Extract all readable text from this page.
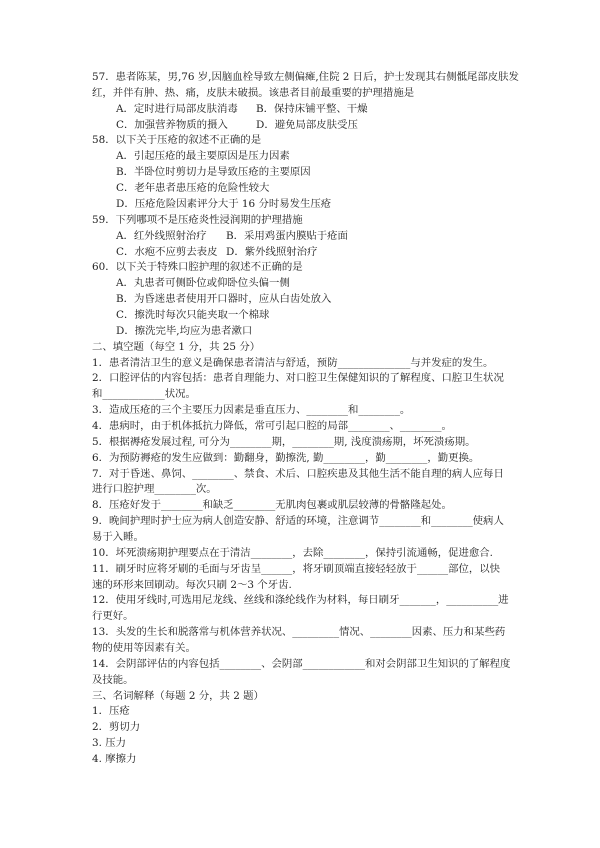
57．患者陈某，男,76 岁,因脑血栓导致左侧偏瘫,住院 2 日后，护士发现其右侧骶尾部皮肤发
红，并伴有肿、热、痛，皮肤未破损。该患者目前最重要的护理措施是
A．定时进行局部皮肤消毒 B．保持床铺平整、干燥
C．加强营养物质的摄入	D．避免局部皮肤受压
58．以下关于压疮的叙述不正确的是
A．引起压疮的最主要原因是压力因素
B．半卧位时剪切力是导致压疮的主要原因
C．老年患者患压疮的危险性较大
D．压疮危险因素评分大于 16 分时易发生压疮
59．下列哪项不是压疮炎性浸润期的护理措施
A．红外线照射治疗 B．采用鸡蛋内膜贴于疮面
C．水疱不应剪去表皮 D．紫外线照射治疗
60．以下关于特殊口腔护理的叙述不正确的是
A．丸患者可侧卧位或仰卧位头偏一侧
B．为昏迷患者使用开口器时，应从白齿处放入
C．擦洗时每次只能夹取一个棉球
D．擦洗完毕,均应为患者漱口
二、填空题（每空 1 分，共 25 分）
1．患者清洁卫生的意义是确保患者清洁与舒适，预防______________与并发症的发生。
2．口腔评估的内容包括：患者自理能力、对口腔卫生保健知识的了解程度、口腔卫生状况
和____________状况。
3．造成压疮的三个主要压力因素是垂直压力、________和________。
4．患病时，由于机体抵抗力降低，常可引起口腔的局部________、________。
5．根据褥疮发展过程, 可分为________期，________期, 浅度溃疡期，坏死溃疡期。
6．为预防褥疮的发生应做到：勤翻身，勤擦洗, 勤________，勤________，勤更换。
7．对于昏迷、鼻饲、________、禁食、术后、口腔疾患及其他生活不能自理的病人应每日
进行口腔护理________次。
8．压疮好发于________和缺乏________无肌肉包裹或肌层较薄的骨骼隆起处。
9．晚间护理时护士应为病人创造安静、舒适的环境，注意调节________和________使病人
易于入睡。
10．坏死溃疡期护理要点在于清洁________，去除________，保持引流通畅，促进愈合.
11．刷牙时应将牙刷的毛面与牙齿呈______，将牙刷顶端直接轻轻放于______部位，以快
速的环形来回刷动。每次只刷 2～3 个牙齿.
12．使用牙线时,可选用尼龙线、丝线和涤纶线作为材料，每日刷牙_______，__________进
行更好。
13．头发的生长和脱落常与机体营养状况、_________情况、________因素、压力和某些药
物的使用等因素有关。
14．会阴部评估的内容包括________、会阴部____________和对会阴部卫生知识的了解程度
及技能。
三、名词解释（每题 2 分，共 2 题）
1．压疮
2．剪切力
3. 压力
4. 摩擦力
